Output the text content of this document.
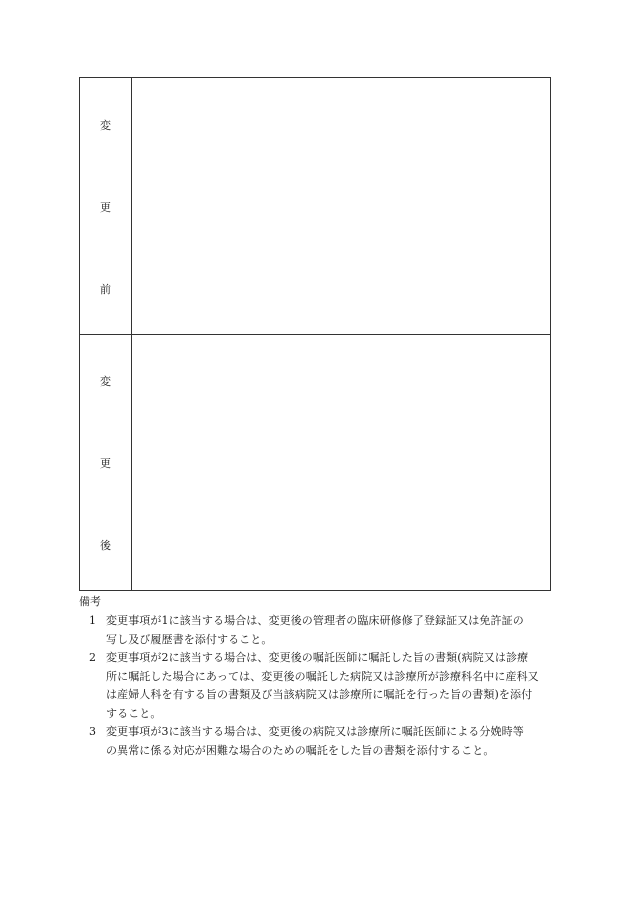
変
更
前	

変
更
後	

備考
1 変更事項が1に該当する場合は、変更後の管理者の臨床研修修了登録証又は免許証の
写し及び履歴書を添付すること。
2 変更事項が2に該当する場合は、変更後の嘱託医師に嘱託した旨の書類(病院又は診療
所に嘱託した場合にあっては、変更後の嘱託した病院又は診療所が診療科名中に産科又
は産婦人科を有する旨の書類及び当該病院又は診療所に嘱託を行った旨の書類)を添付
すること。
3 変更事項が3に該当する場合は、変更後の病院又は診療所に嘱託医師による分娩時等
の異常に係る対応が困難な場合のための嘱託をした旨の書類を添付すること。
